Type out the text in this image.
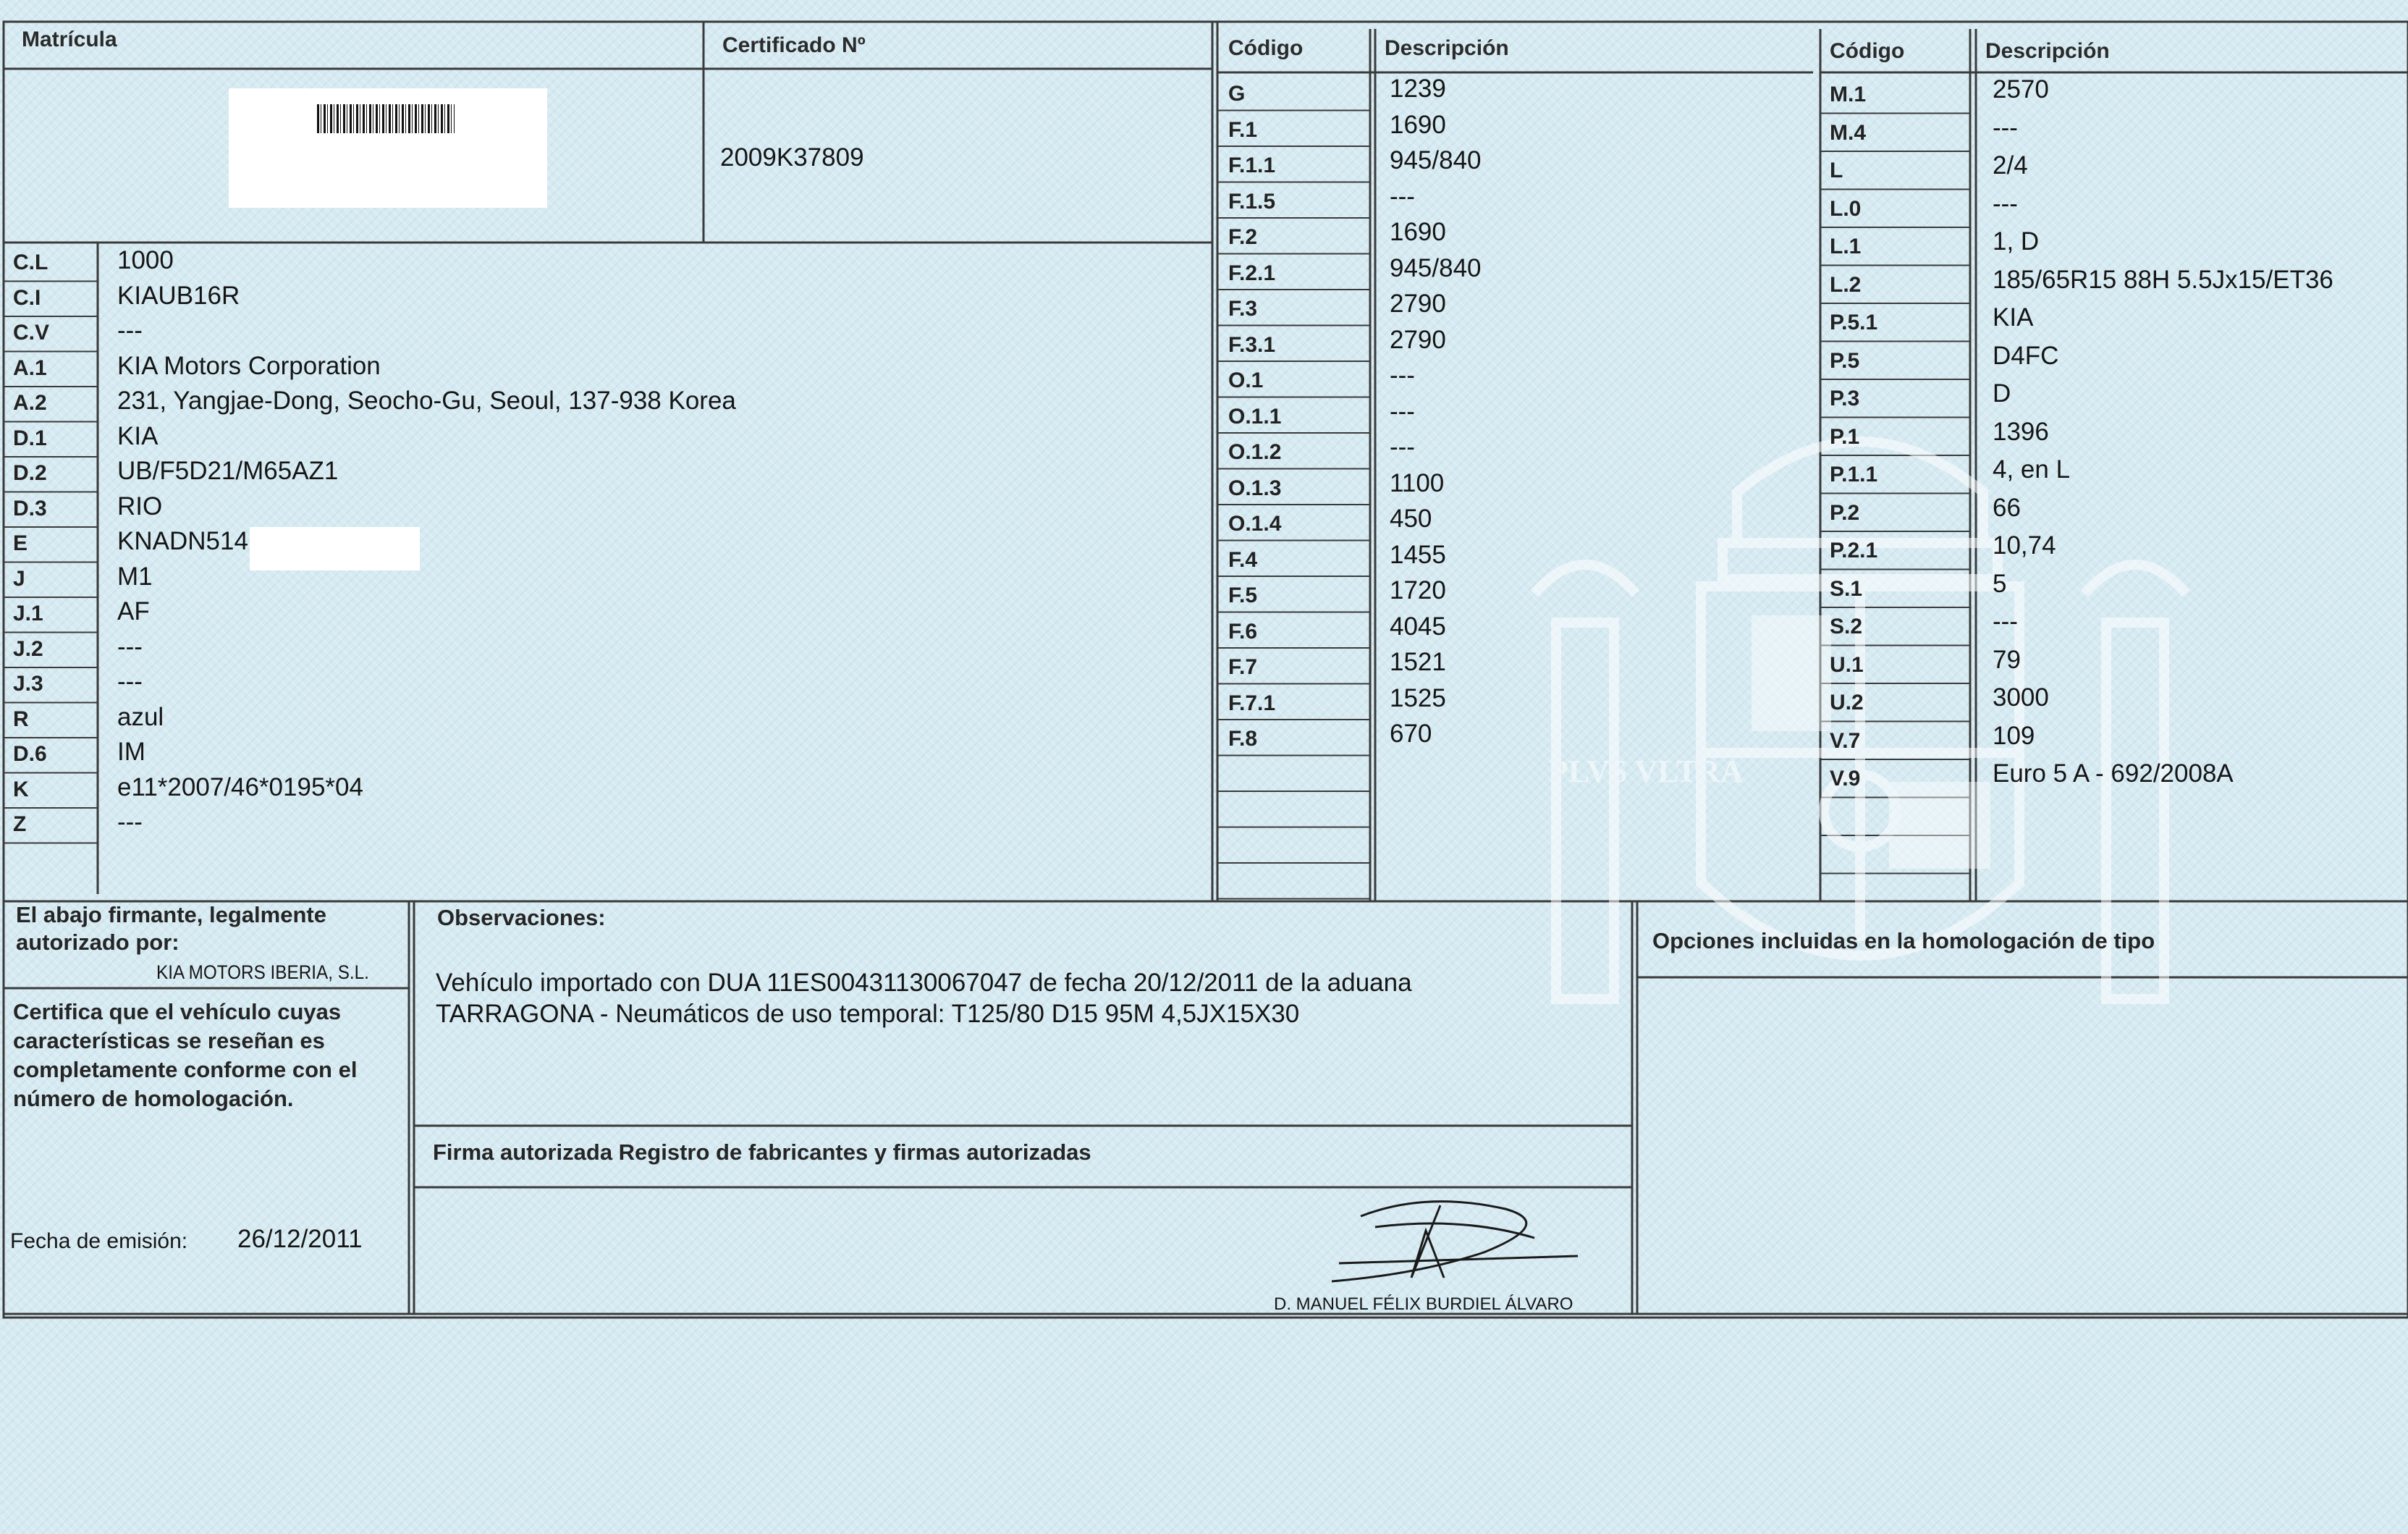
PLVS VLTRA
Matrícula	Certificado Nº
2009K37809
C.L	1000
C.I	KIAUB16R
C.V	---
A.1	KIA Motors Corporation
A.2	231, Yangjae-Dong, Seocho-Gu, Seoul, 137-938 Korea
D.1	KIA
D.2	UB/F5D21/M65AZ1
D.3	RIO
E	KNADN514
J	M1
J.1	AF
J.2	---
J.3	---
R	azul
D.6	IM
K	e11*2007/46*0195*04
Z	---
Código	Descripción
G	1239
F.1	1690
F.1.1	945/840
F.1.5	---
F.2	1690
F.2.1	945/840
F.3	2790
F.3.1	2790
O.1	---
O.1.1	---
O.1.2	---
O.1.3	1100
O.1.4	450
F.4	1455
F.5	1720
F.6	4045
F.7	1521
F.7.1	1525
F.8	670
Código	Descripción
M.1	2570
M.4	---
L	2/4
L.0	---
L.1	1, D
L.2	185/65R15 88H 5.5Jx15/ET36
P.5.1	KIA
P.5	D4FC
P.3	D
P.1	1396
P.1.1	4, en L
P.2	66
P.2.1	10,74
S.1	5
S.2	---
U.1	79
U.2	3000
V.7	109
V.9	Euro 5 A - 692/2008A
El abajo firmante, legalmente
autorizado por:
KIA MOTORS IBERIA, S.L.
Certifica que el vehículo cuyas
características se reseñan es
completamente conforme con el
número de homologación.
Fecha de emisión: 26/12/2011
Observaciones:
Vehículo importado con DUA 11ES00431130067047 de fecha 20/12/2011 de la aduana
TARRAGONA - Neumáticos de uso temporal: T125/80 D15 95M 4,5JX15X30
Firma autorizada Registro de fabricantes y firmas autorizadas
D. MANUEL FÉLIX BURDIEL ÁLVARO
Opciones incluidas en la homologación de tipo
